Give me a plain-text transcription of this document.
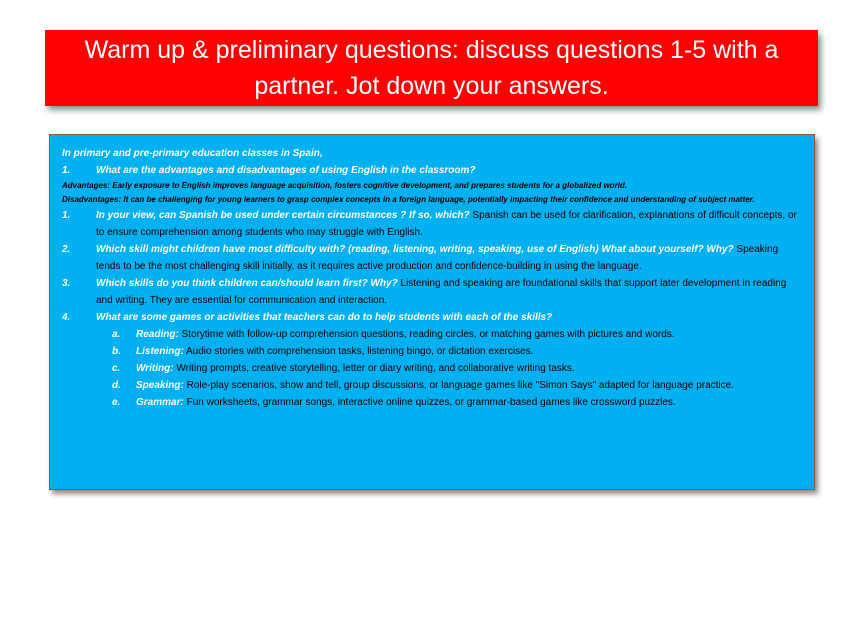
Warm up & preliminary questions: discuss questions 1-5 with a partner. Jot down your answers.
In primary and pre-primary education classes in Spain,
1.	What are the advantages and disadvantages of using English in the classroom?
Advantages: Early exposure to English improves language acquisition, fosters cognitive development, and prepares students for a globalized world.
Disadvantages: It can be challenging for young learners to grasp complex concepts in a foreign language, potentially impacting their confidence and understanding of subject matter.
1.	In your view, can Spanish be used under certain circumstances ? If so, which? Spanish can be used for clarification, explanations of difficult concepts, or to ensure comprehension among students who may struggle with English.
2.	Which skill might children have most difficulty with? (reading, listening, writing, speaking, use of English) What about yourself? Why? Speaking tends to be the most challenging skill initially, as it requires active production and confidence-building in using the language.
3.	Which skills do you think children can/should learn first? Why? Listening and speaking are foundational skills that support later development in reading and writing. They are essential for communication and interaction.
4.	What are some games or activities that teachers can do to help students with each of the skills?
a.	Reading: Storytime with follow-up comprehension questions, reading circles, or matching games with pictures and words.
b.	Listening: Audio stories with comprehension tasks, listening bingo, or dictation exercises.
c.	Writing: Writing prompts, creative storytelling, letter or diary writing, and collaborative writing tasks.
d.	Speaking: Role-play scenarios, show and tell, group discussions, or language games like "Simon Says" adapted for language practice.
e.	Grammar: Fun worksheets, grammar songs, interactive online quizzes, or grammar-based games like crossword puzzles.
